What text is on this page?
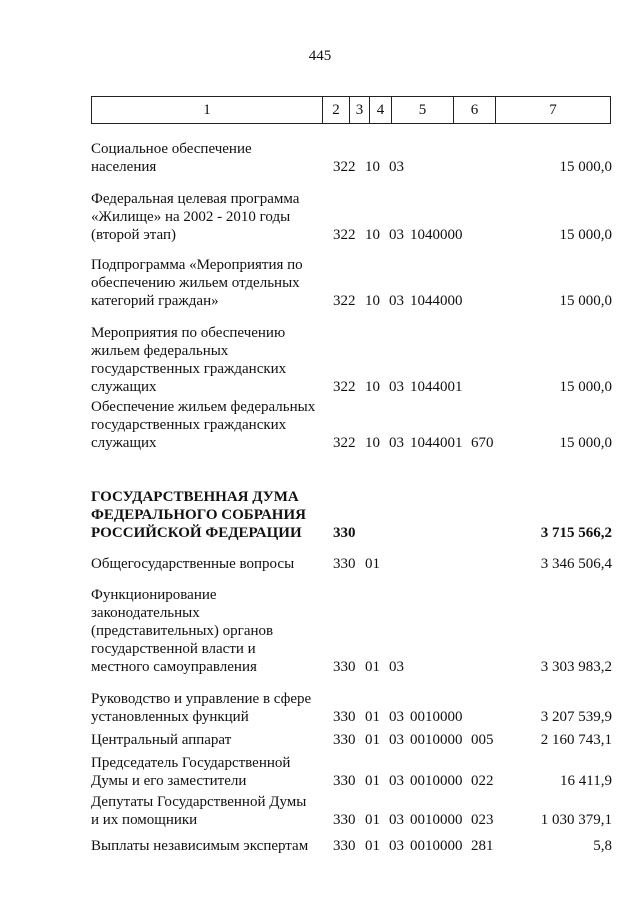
445
1	2	3 4	5	6	7
Социальное обеспечение
населения	322 10 03	15 000,0
Федеральная целевая программа
«Жилище» на 2002 - 2010 годы
(второй этап)	322 10 03 1040000	15 000,0
Подпрограмма «Мероприятия по
обеспечению жильем отдельных
категорий граждан»	322 10 03 1044000	15 000,0
Мероприятия по обеспечению
жильем федеральных
государственных гражданских
служащих	322 10 03 1044001	15 000,0
Обеспечение жильем федеральных
государственных гражданских
служащих	322 10 03 1044001 670	15 000,0
ГОСУДАРСТВЕННАЯ ДУМА
ФЕДЕРАЛЬНОГО СОБРАНИЯ
РОССИЙСКОЙ ФЕДЕРАЦИИ	330	3 715 566,2
Общегосударственные вопросы	330 01	3 346 506,4
Функционирование
законодательных
(представительных) органов
государственной власти и
местного самоуправления	330 01 03	3 303 983,2
Руководство и управление в сфере
установленных функций	330 01 03 0010000	3 207 539,9
Центральный аппарат	330 01 03 0010000 005	2 160 743,1
Председатель Государственной
Думы и его заместители	330 01 03 0010000 022	16 411,9
Депутаты Государственной Думы
и их помощники	330 01 03 0010000 023	1 030 379,1
Выплаты независимым экспертам	330 01 03 0010000 281	5,8
